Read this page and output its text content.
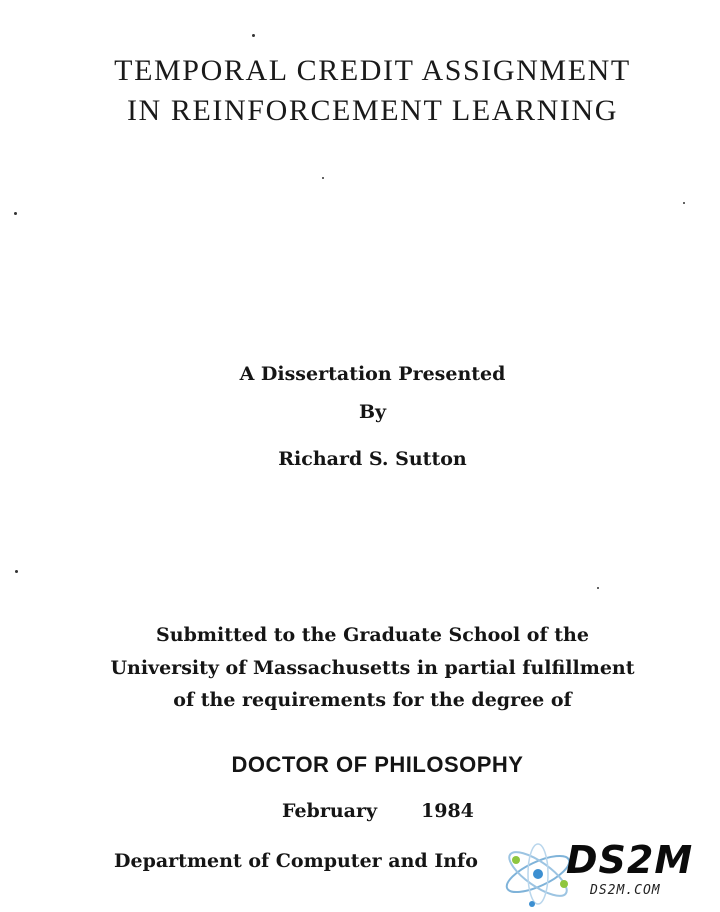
TEMPORAL CREDIT ASSIGNMENT
IN REINFORCEMENT LEARNING
A Dissertation Presented
By
Richard S. Sutton
Submitted to the Graduate School of the
University of Massachusetts in partial fulfillment
of the requirements for the degree of
DOCTOR OF PHILOSOPHY
February 1984
Department of Computer and Info DS2M
DS2M.COM
